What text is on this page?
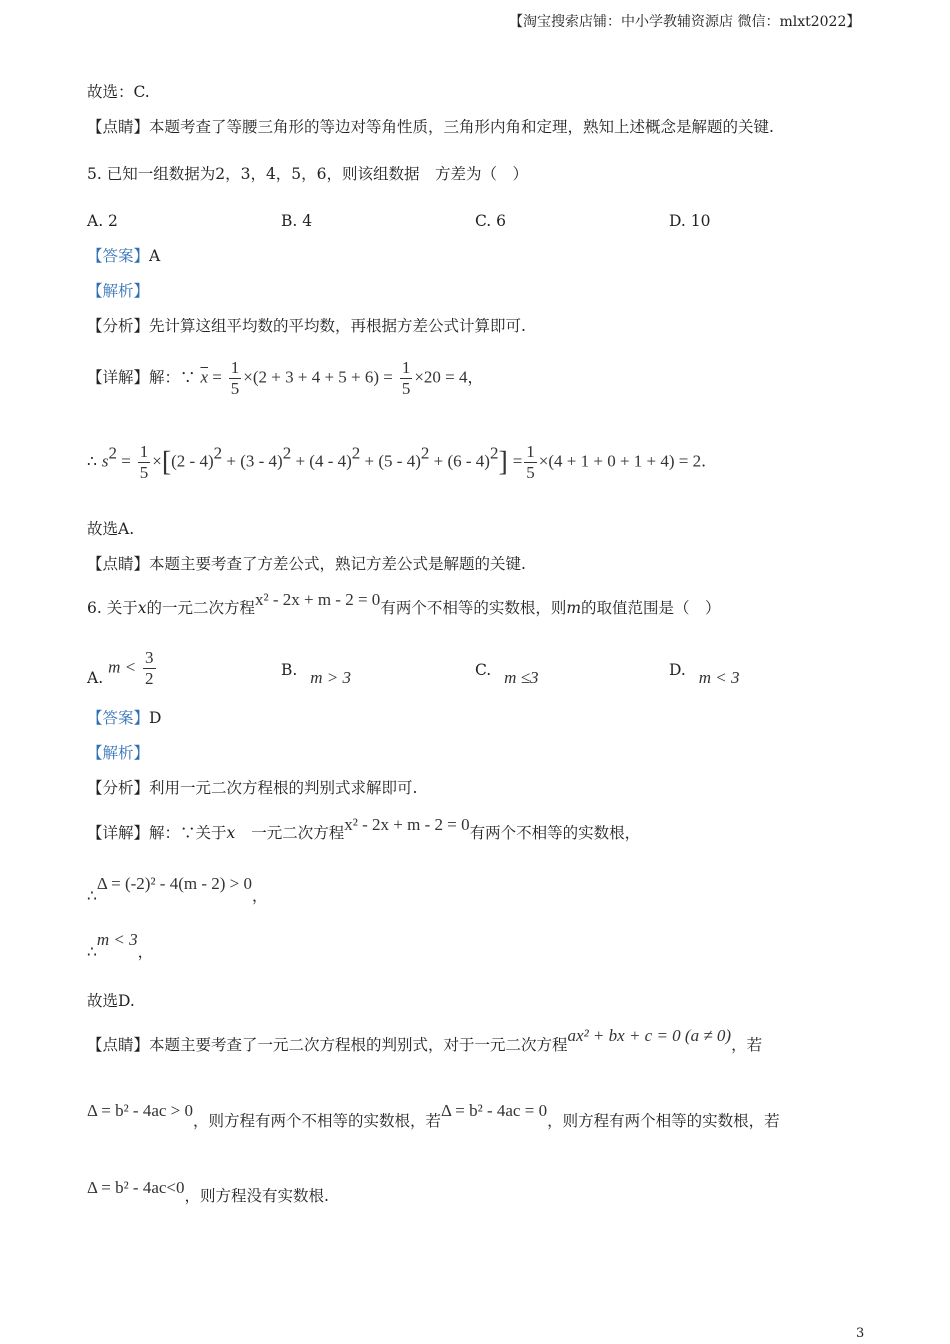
【淘宝搜索店铺：中小学教辅资源店 微信：mlxt2022】
故选：C.
【点睛】本题考查了等腰三角形的等边对等角性质，三角形内角和定理，熟知上述概念是解题的关键.
5. 已知一组数据为2，3，4，5，6，则该组数据　方差为（　）
A. 2	B. 4	C. 6	D. 10
【答案】A
【解析】
【分析】先计算这组平均数的平均数，再根据方差公式计算即可.
【详解】解：∵ $\overline{x} = \frac{1}{5} \times(2 + 3 + 4 + 5 + 6) = \frac{1}{5} \times 20 = 4$，
∴ $s^2 = \frac{1}{5} \times[(2 - 4)^2 + (3 - 4)^2 + (4 - 4)^2 + (5 - 4)^2 + (6 - 4)^2] = \frac{1}{5} \times(4 + 1 + 0 + 1 + 4) = 2$.
故选A.
【点睛】本题主要考查了方差公式，熟记方差公式是解题的关键.
6. 关于x的一元二次方程x² - 2x + m - 2 = 0有两个不相等的实数根，则m的取值范围是（　）
A. $m < \frac{3}{2}$	B. m > 3	C. m ≤3	D. m < 3
【答案】D
【解析】
【分析】利用一元二次方程根的判别式求解即可.
【详解】解：∵关于x 一元二次方程x² - 2x + m - 2 = 0有两个不相等的实数根，
∴Δ = (-2)² - 4(m - 2) > 0，
∴m < 3，
故选D.
【点睛】本题主要考查了一元二次方程根的判别式，对于一元二次方程ax² + bx + c = 0 (a ≠ 0)，若
Δ = b² - 4ac > 0，则方程有两个不相等的实数根，若Δ = b² - 4ac = 0，则方程有两个相等的实数根，若
Δ = b² - 4ac<0，则方程没有实数根.
3
